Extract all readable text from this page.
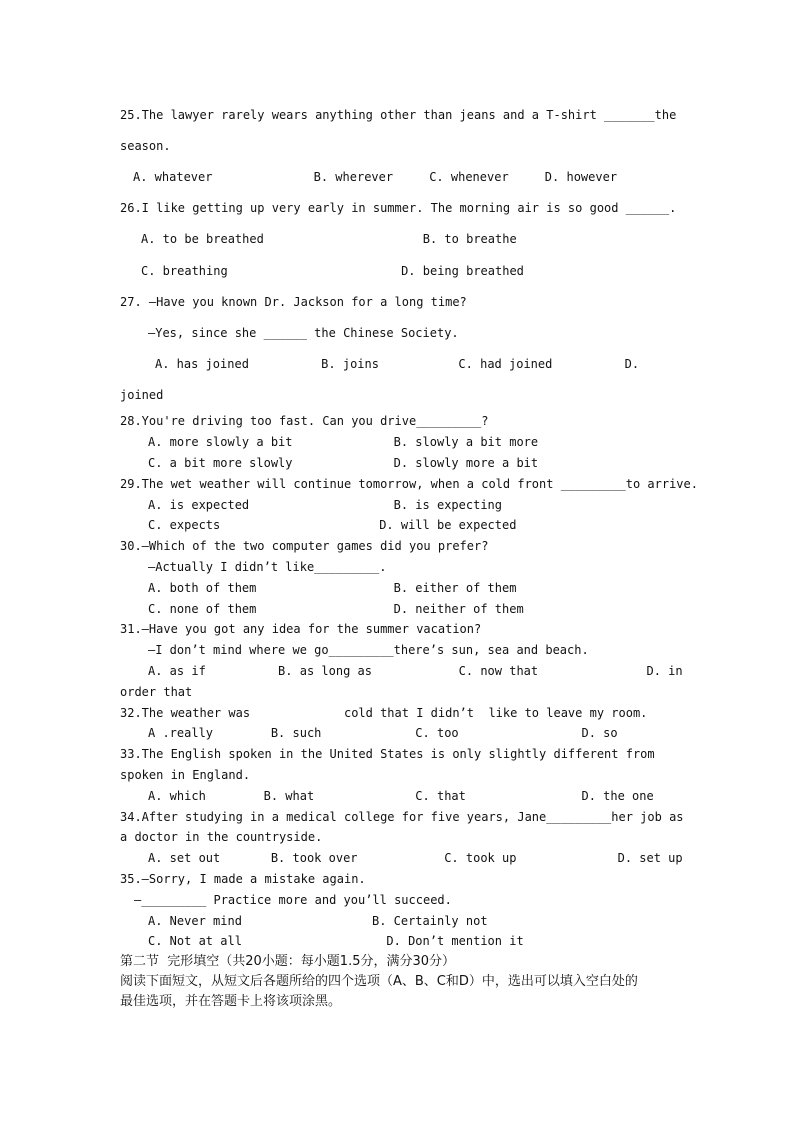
25.The lawyer rarely wears anything other than jeans and a T-shirt _______the
season.
A. whatever              B. wherever     C. whenever     D. however
26.I like getting up very early in summer. The morning air is so good ______.
A. to be breathed                      B. to breathe
C. breathing                        D. being breathed
27. —Have you known Dr. Jackson for a long time?
—Yes, since she ______ the Chinese Society.
A. has joined          B. joins           C. had joined          D.
joined
28.You're driving too fast. Can you drive_________?
A. more slowly a bit              B. slowly a bit more
C. a bit more slowly              D. slowly more a bit
29.The wet weather will continue tomorrow, when a cold front _________to arrive.
A. is expected                    B. is expecting
C. expects                      D. will be expected
30.—Which of the two computer games did you prefer?
—Actually I didn’t like_________.
A. both of them                   B. either of them
C. none of them                   D. neither of them
31.—Have you got any idea for the summer vacation?
—I don’t mind where we go_________there’s sun, sea and beach.
A. as if          B. as long as            C. now that               D. in
order that
32.The weather was             cold that I didn’t  like to leave my room.
A .really        B. such             C. too                 D. so
33.The English spoken in the United States is only slightly different from
spoken in England.
A. which        B. what              C. that                D. the one
34.After studying in a medical college for five years, Jane_________her job as
a doctor in the countryside.
A. set out       B. took over            C. took up              D. set up
35.—Sorry, I made a mistake again.
—_________ Practice more and you’ll succeed.
A. Never mind                  B. Certainly not
C. Not at all                    D. Don’t mention it
第二节  完形填空（共20小题：每小题1.5分，满分30分）
阅读下面短文，从短文后各题所给的四个选项（A、B、C和D）中，选出可以填入空白处的
最佳选项，并在答题卡上将该项涂黑。
